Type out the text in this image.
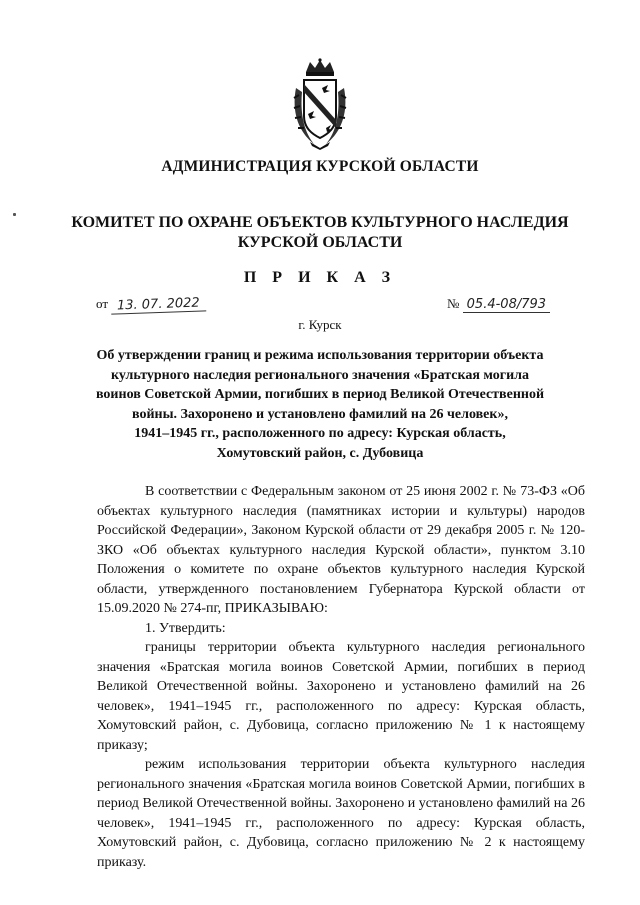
АДМИНИСТРАЦИЯ КУРСКОЙ ОБЛАСТИ
КОМИТЕТ ПО ОХРАНЕ ОБЪЕКТОВ КУЛЬТУРНОГО НАСЛЕДИЯ
КУРСКОЙ ОБЛАСТИ
П Р И К А З
от 13. 07. 2022	№ 05.4-08/793
г. Курск
Об утверждении границ и режима использования территории объекта
культурного наследия регионального значения «Братская могила
воинов Советской Армии, погибших в период Великой Отечественной
войны. Захоронено и установлено фамилий на 26 человек»,
1941–1945 гг., расположенного по адресу: Курская область,
Хомутовский район, с. Дубовица

В соответствии с Федеральным законом от 25 июня 2002 г. № 73-ФЗ «Об объектах культурного наследия (памятниках истории и культуры) народов Российской Федерации», Законом Курской области от 29 декабря 2005 г. № 120-ЗКО «Об объектах культурного наследия Курской области», пунктом 3.10 Положения о комитете по охране объектов культурного наследия Курской области, утвержденного постановлением Губернатора Курской области от 15.09.2020 № 274-пг, ПРИКАЗЫВАЮ:

1. Утвердить:

границы территории объекта культурного наследия регионального значения «Братская могила воинов Советской Армии, погибших в период Великой Отечественной войны. Захоронено и установлено фамилий на 26 человек», 1941–1945 гг., расположенного по адресу: Курская область, Хомутовский район, с. Дубовица, согласно приложению № 1 к настоящему приказу;

режим использования территории объекта культурного наследия регионального значения «Братская могила воинов Советской Армии, погибших в период Великой Отечественной войны. Захоронено и установлено фамилий на 26 человек», 1941–1945 гг., расположенного по адресу: Курская область, Хомутовский район, с. Дубовица, согласно приложению № 2 к настоящему приказу.
